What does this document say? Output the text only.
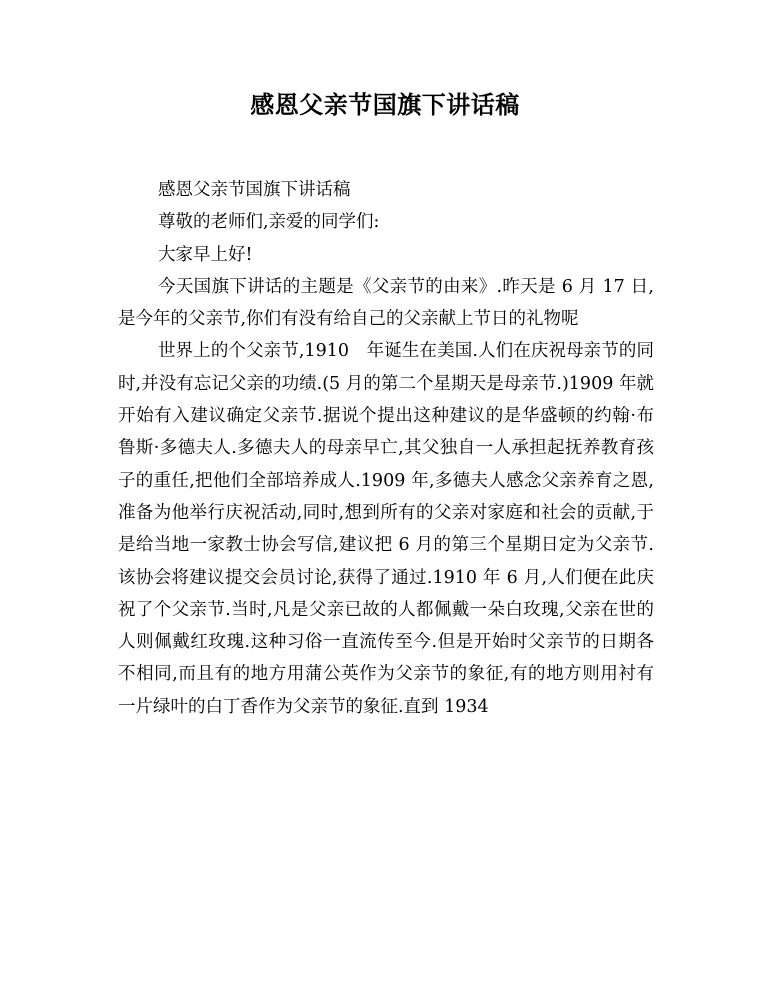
感恩父亲节国旗下讲话稿

感恩父亲节国旗下讲话稿

尊敬的老师们,亲爱的同学们:

大家早上好!

今天国旗下讲话的主题是《父亲节的由来》.昨天是 6 月 17 日,是今年的父亲节,你们有没有给自己的父亲献上节日的礼物呢

世界上的个父亲节,1910　年诞生在美国.人们在庆祝母亲节的同时,并没有忘记父亲的功绩.(5 月的第二个星期天是母亲节.)1909 年就开始有入建议确定父亲节.据说个提出这种建议的是华盛顿的约翰·布鲁斯·多德夫人.多德夫人的母亲早亡,其父独自一人承担起抚养教育孩子的重任,把他们全部培养成人.1909 年,多德夫人感念父亲养育之恩,准备为他举行庆祝活动,同时,想到所有的父亲对家庭和社会的贡献,于是给当地一家教士协会写信,建议把 6 月的第三个星期日定为父亲节.该协会将建议提交会员讨论,获得了通过.1910 年 6 月,人们便在此庆祝了个父亲节.当时,凡是父亲已故的人都佩戴一朵白玫瑰,父亲在世的人则佩戴红玫瑰.这种习俗一直流传至今.但是开始时父亲节的日期各不相同,而且有的地方用蒲公英作为父亲节的象征,有的地方则用衬有一片绿叶的白丁香作为父亲节的象征.直到 1934
